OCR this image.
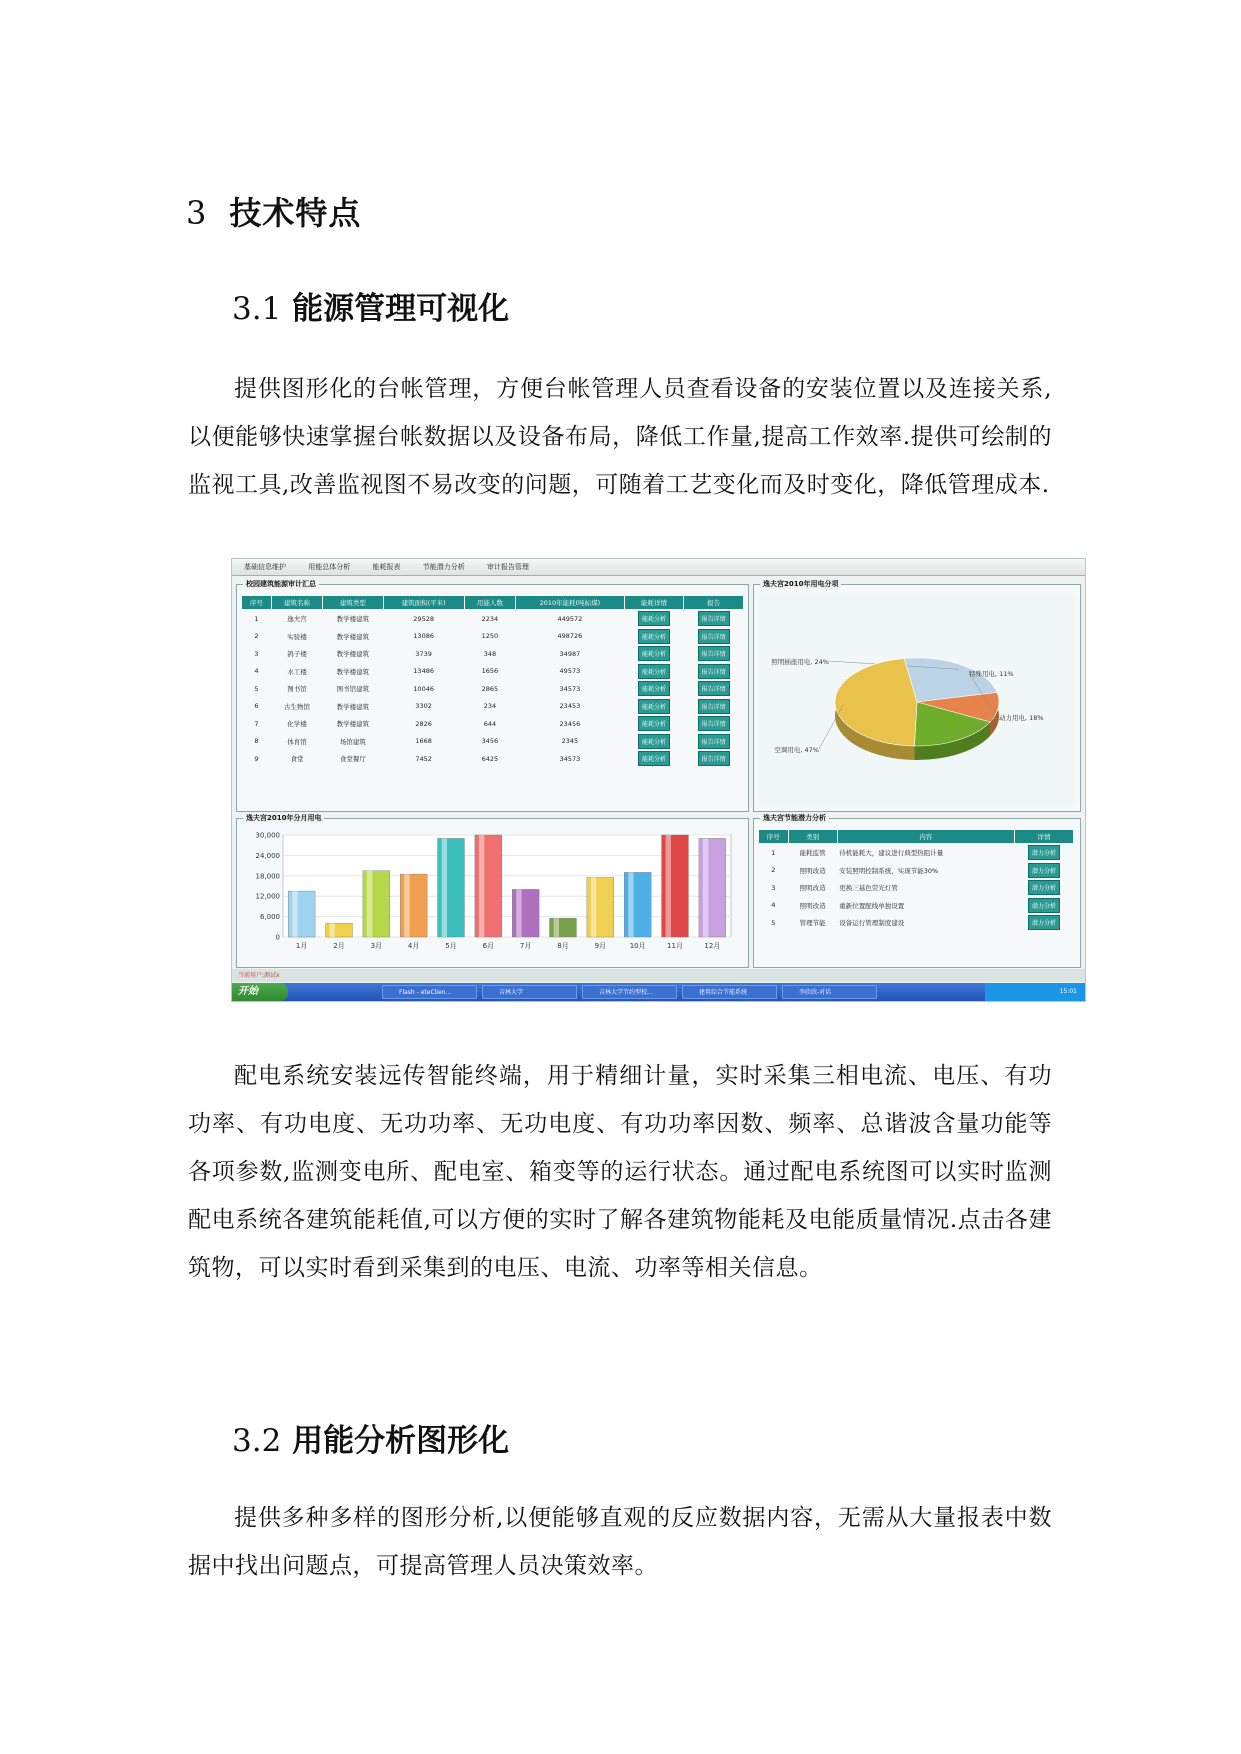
3 技术特点
3.1 能源管理可视化
提供图形化的台帐管理，方便台帐管理人员查看设备的安装位置以及连接关系,以便能够快速掌握台帐数据以及设备布局，降低工作量,提高工作效率.提供可绘制的监视工具,改善监视图不易改变的问题，可随着工艺变化而及时变化，降低管理成本.
基础信息维护	用能总体分析	能耗报表	节能潜力分析	审计报告管理
校园建筑能源审计汇总
序号	建筑名称	建筑类型	建筑面积(平米)	用能人数	2010年能耗(吨标煤)	能耗详情	报告
1	逸夫宫	教学楼建筑	29528	2234	449572	能耗分析	报告详情
2	实验楼	教学楼建筑	13086	1250	498726	能耗分析	报告详情
3	鸽子楼	教学楼建筑	3739	348	34987	能耗分析	报告详情
4	水工楼	教学楼建筑	13486	1656	49573	能耗分析	报告详情
5	图书馆	图书馆建筑	10046	2865	34573	能耗分析	报告详情
6	古生物馆	教学楼建筑	3302	234	23453	能耗分析	报告详情
7	化学楼	教学楼建筑	2826	644	23456	能耗分析	报告详情
8	体育馆	场馆建筑	1668	3456	2345	能耗分析	报告详情
9	食堂	食堂餐厅	7452	6425	34573	能耗分析	报告详情
逸夫宫2010年用电分项
照明插座用电, 24%
特殊用电, 11%
动力用电, 18%
空调用电, 47%
逸夫宫2010年分月用电
0
6,000
12,000
18,000
24,000
30,000
1月	2月	3月	4月	5月	6月	7月	8月	9月	10月	11月	12月
逸夫宫节能潜力分析
序号	类别	内容	详情
1	能耗监管	待机能耗大，建议进行典型热阻计量	潜力分析
2	照明改造	安装照明控制系统，实现节能30%	潜力分析
3	照明改造	更换三基色荧光灯管	潜力分析
4	照明改造	重新位置配线单独设置	潜力分析
5	管理节能	设备运行管理制度建设	潜力分析
当前用户:测试x
开始	Flash - eteClien...	吉林大学	吉林大学节约型校...	建筑综合节能系统	李欣欣-对话	15:01
配电系统安装远传智能终端，用于精细计量，实时采集三相电流、电压、有功功率、有功电度、无功功率、无功电度、有功功率因数、频率、总谐波含量功能等各项参数,监测变电所、配电室、箱变等的运行状态。通过配电系统图可以实时监测配电系统各建筑能耗值,可以方便的实时了解各建筑物能耗及电能质量情况.点击各建筑物，可以实时看到采集到的电压、电流、功率等相关信息。
3.2 用能分析图形化
提供多种多样的图形分析,以便能够直观的反应数据内容，无需从大量报表中数据中找出问题点，可提高管理人员决策效率。
